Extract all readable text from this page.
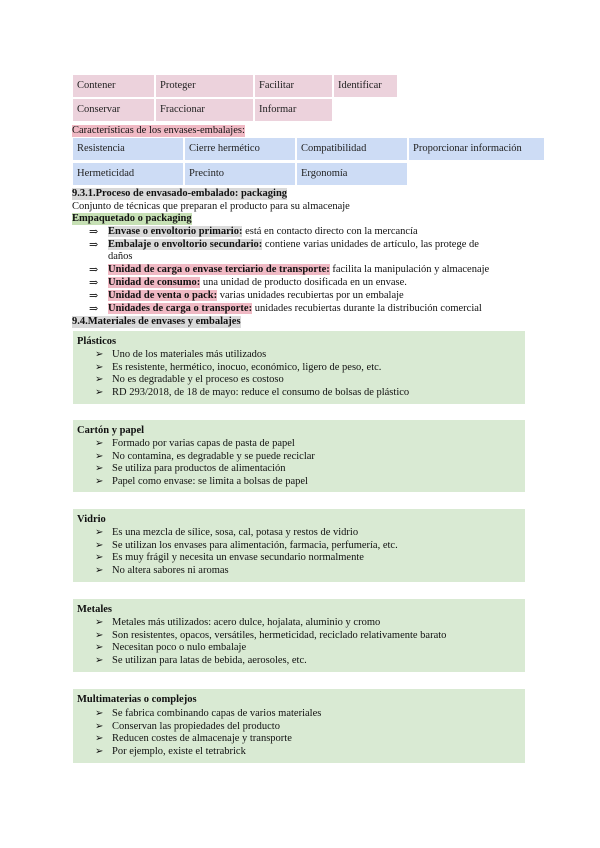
Contener	Proteger	Facilitar	Identificar
Conservar	Fraccionar	Informar
Características de los envases-embalajes:
Resistencia	Cierre hermético	Compatibilidad	Proporcionar información
Hermeticidad	Precinto	Ergonomía
9.3.1.Proceso de envasado-embalado: packaging
Conjunto de técnicas que preparan el producto para su almacenaje
Empaquetado o packaging
⇒ Envase o envoltorio primario: está en contacto directo con la mercancía
⇒ Embalaje o envoltorio secundario: contiene varias unidades de artículo, las protege de
daños
⇒ Unidad de carga o envase terciario de transporte: facilita la manipulación y almacenaje
⇒ Unidad de consumo: una unidad de producto dosificada en un envase.
⇒ Unidad de venta o pack: varias unidades recubiertas por un embalaje
⇒ Unidades de carga o transporte: unidades recubiertas durante la distribución comercial
9.4.Materiales de envases y embalajes
Plásticos
➢ Uno de los materiales más utilizados
➢ Es resistente, hermético, inocuo, económico, ligero de peso, etc.
➢ No es degradable y el proceso es costoso
➢ RD 293/2018, de 18 de mayo: reduce el consumo de bolsas de plástico
Cartón y papel
➢ Formado por varias capas de pasta de papel
➢ No contamina, es degradable y se puede reciclar
➢ Se utiliza para productos de alimentación
➢ Papel como envase: se limita a bolsas de papel
Vidrio
➢ Es una mezcla de sílice, sosa, cal, potasa y restos de vidrio
➢ Se utilizan los envases para alimentación, farmacia, perfumería, etc.
➢ Es muy frágil y necesita un envase secundario normalmente
➢ No altera sabores ni aromas
Metales
➢ Metales más utilizados: acero dulce, hojalata, aluminio y cromo
➢ Son resistentes, opacos, versátiles, hermeticidad, reciclado relativamente barato
➢ Necesitan poco o nulo embalaje
➢ Se utilizan para latas de bebida, aerosoles, etc.
Multimaterias o complejos
➢ Se fabrica combinando capas de varios materiales
➢ Conservan las propiedades del producto
➢ Reducen costes de almacenaje y transporte
➢ Por ejemplo, existe el tetrabrick
